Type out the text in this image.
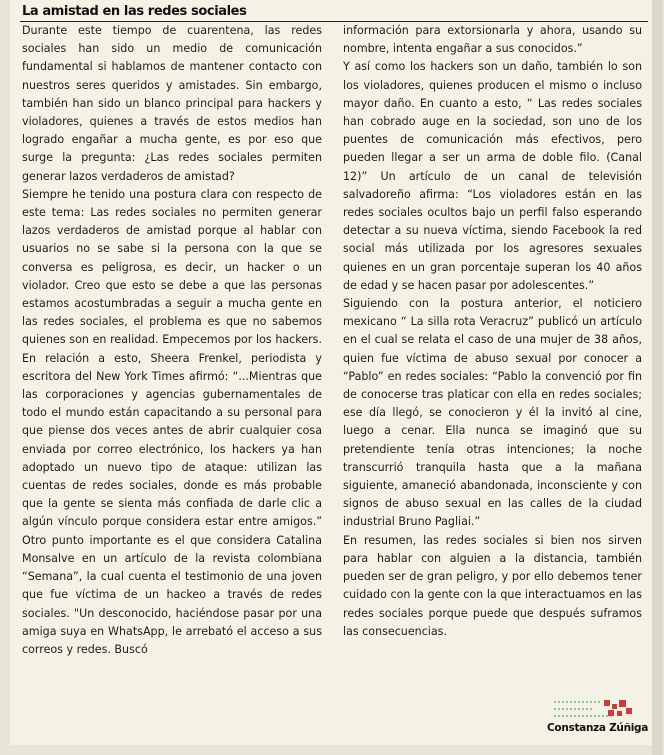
La amistad en las redes sociales

Durante este tiempo de cuarentena, las redes sociales han sido un medio de comunicación fundamental si hablamos de mantener contacto con nuestros seres queridos y amistades. Sin embargo, también han sido un blanco principal para hackers y violadores, quienes a través de estos medios han logrado engañar a mucha gente, es por eso que surge la pregunta: ¿Las redes sociales permiten generar lazos verdaderos de amistad?

Siempre he tenido una postura clara con respecto de este tema: Las redes sociales no permiten generar lazos verdaderos de amistad porque al hablar con usuarios no se sabe si la persona con la que se conversa es peligrosa, es decir, un hacker o un violador. Creo que esto se debe a que las personas estamos acostumbradas a seguir a mucha gente en las redes sociales, el problema es que no sabemos quienes son en realidad. Empecemos por los hackers. En relación a esto, Sheera Frenkel, periodista y escritora del New York Times afirmó: “...Mientras que las corporaciones y agencias gubernamentales de todo el mundo están capacitando a su personal para que piense dos veces antes de abrir cualquier cosa enviada por correo electrónico, los hackers ya han adoptado un nuevo tipo de ataque: utilizan las cuentas de redes sociales, donde es más probable que la gente se sienta más confiada de darle clic a algún vínculo porque considera estar entre amigos.” Otro punto importante es el que considera Catalina Monsalve en un artículo de la revista colombiana “Semana”, la cual cuenta el testimonio de una joven que fue víctima de un hackeo a través de redes sociales. "Un desconocido, haciéndose pasar por una amiga suya en WhatsApp, le arrebató el acceso a sus correos y redes. Buscó

información para extorsionarla y ahora, usando su nombre, intenta engañar a sus conocidos.”

Y así como los hackers son un daño, también lo son los violadores, quienes producen el mismo o incluso mayor daño. En cuanto a esto, “ Las redes sociales han cobrado auge en la sociedad, son uno de los puentes de comunicación más efectivos, pero pueden llegar a ser un arma de doble filo. (Canal 12)” Un artículo de un canal de televisión salvadoreño afirma: “Los violadores están en las redes sociales ocultos bajo un perfil falso esperando detectar a su nueva víctima, siendo Facebook la red social más utilizada por los agresores sexuales quienes en un gran porcentaje superan los 40 años de edad y se hacen pasar por adolescentes.”

Siguiendo con la postura anterior, el noticiero mexicano “ La silla rota Veracruz” publicó un artículo en el cual se relata el caso de una mujer de 38 años, quien fue víctima de abuso sexual por conocer a “Pablo” en redes sociales: “Pablo la convenció por fin de conocerse tras platicar con ella en redes sociales; ese día llegó, se conocieron y él la invitó al cine, luego a cenar. Ella nunca se imaginó que su pretendiente tenía otras intenciones; la noche transcurrió tranquila hasta que a la mañana siguiente, amaneció abandonada, inconsciente y con signos de abuso sexual en las calles de la ciudad industrial Bruno Pagliai.”

En resumen, las redes sociales si bien nos sirven para hablar con alguien a la distancia, también pueden ser de gran peligro, y por ello debemos tener cuidado con la gente con la que interactuamos en las redes sociales porque puede que después suframos las consecuencias.

Constanza Zúñiga
